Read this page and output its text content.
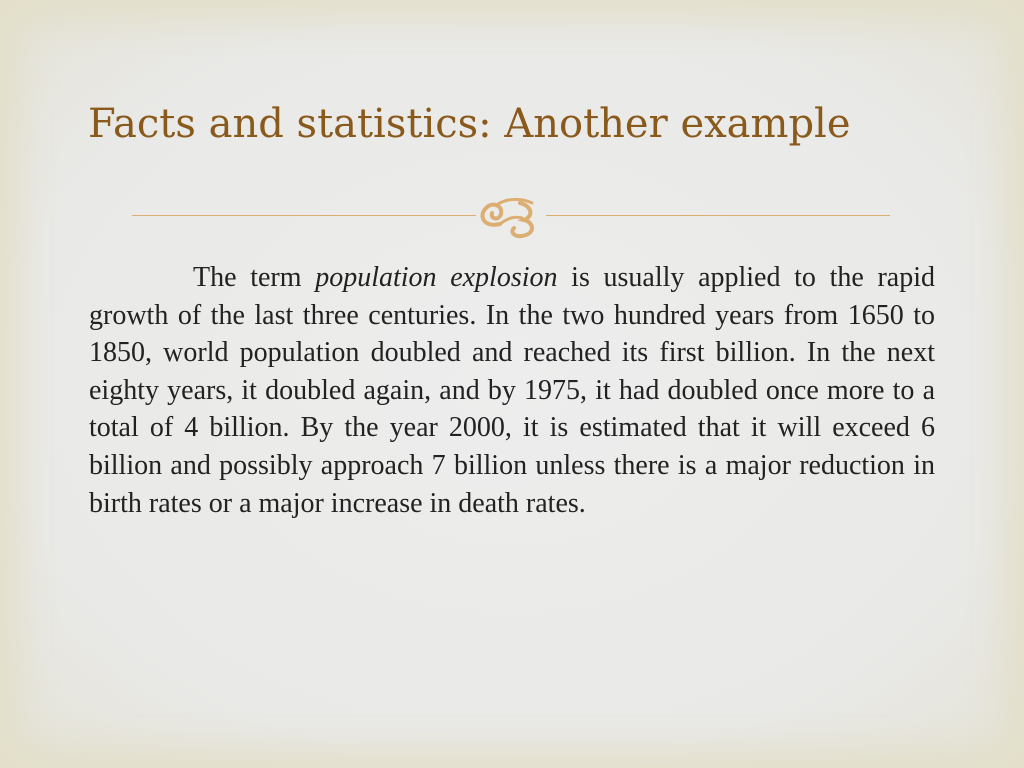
Facts and statistics: Another example

The term population explosion is usually applied to the rapid growth of the last three centuries. In the two hundred years from 1650 to 1850, world population doubled and reached its first billion. In the next eighty years, it doubled again, and by 1975, it had doubled once more to a total of 4 billion. By the year 2000, it is estimated that it will exceed 6 billion and possibly approach 7 billion unless there is a major reduction in birth rates or a major increase in death rates.
